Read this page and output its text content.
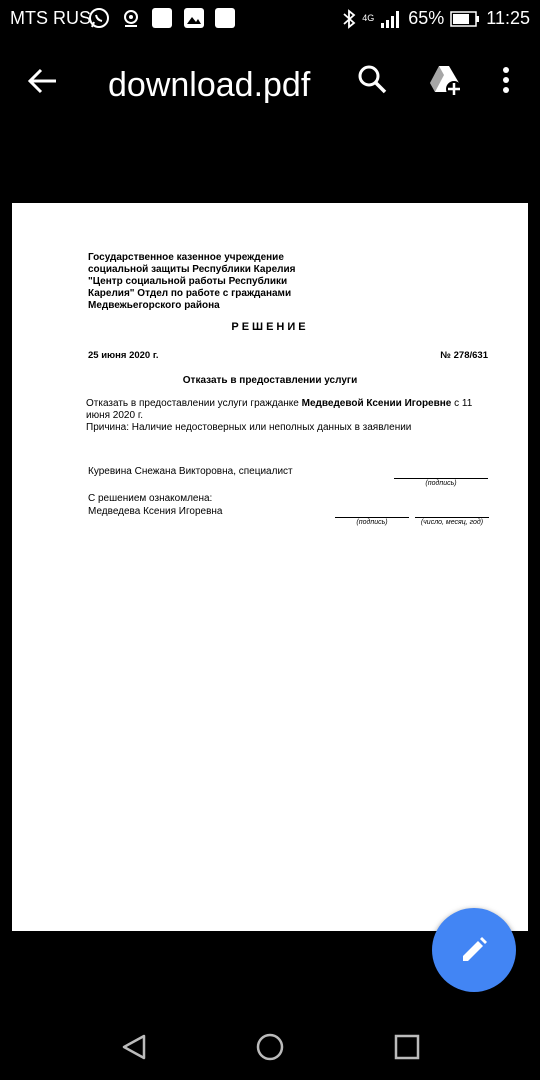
MTS RUS	4G 65% 11:25
download.pdf
Государственное казенное учреждение
социальной защиты Республики Карелия
"Центр социальной работы Республики
Карелия" Отдел по работе с гражданами
Медвежьегорского района
РЕШЕНИЕ
25 июня 2020 г.	№ 278/631
Отказать в предоставлении услуги
Отказать в предоставлении услуги гражданке Медведевой Ксении Игоревне с 11
июня 2020 г.
Причина: Наличие недостоверных или неполных данных в заявлении
Куревина Снежана Викторовна, специалист
(подпись)
С решением ознакомлена:
Медведева Ксения Игоревна
(подпись)	(число, месяц, год)
